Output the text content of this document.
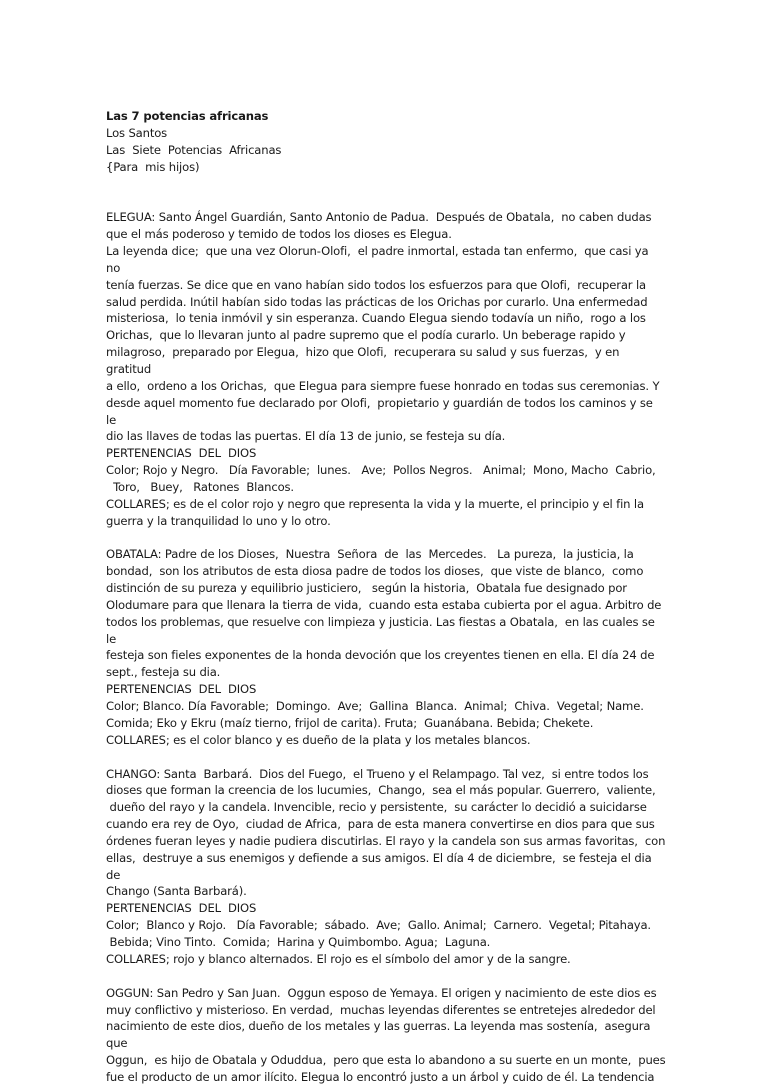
Las 7 potencias africanas

Los Santos

Las  Siete  Potencias  Africanas

{Para  mis hijos)

ELEGUA: Santo Ángel Guardián, Santo Antonio de Padua.  Después de Obatala,  no caben dudas

que el más poderoso y temido de todos los dioses es Elegua.

La leyenda dice;  que una vez Olorun-Olofi,  el padre inmortal, estada tan enfermo,  que casi ya no

tenía fuerzas. Se dice que en vano habían sido todos los esfuerzos para que Olofi,  recuperar la

salud perdida. Inútil habían sido todas las prácticas de los Orichas por curarlo. Una enfermedad

misteriosa,  lo tenia inmóvil y sin esperanza. Cuando Elegua siendo todavía un niño,  rogo a los

Orichas,  que lo llevaran junto al padre supremo que el podía curarlo. Un beberage rapido y

milagroso,  preparado por Elegua,  hizo que Olofi,  recuperara su salud y sus fuerzas,  y en gratitud

a ello,  ordeno a los Orichas,  que Elegua para siempre fuese honrado en todas sus ceremonias. Y

desde aquel momento fue declarado por Olofi,  propietario y guardián de todos los caminos y se le

dio las llaves de todas las puertas. El día 13 de junio, se festeja su día.

PERTENENCIAS  DEL  DIOS

Color; Rojo y Negro.   Día Favorable;  lunes.   Ave;  Pollos Negros.   Animal;  Mono, Macho  Cabrio,

Toro,   Buey,   Ratones  Blancos.

COLLARES; es de el color rojo y negro que representa la vida y la muerte, el principio y el fin la

guerra y la tranquilidad lo uno y lo otro.

OBATALA: Padre de los Dioses,  Nuestra  Señora  de  las  Mercedes.   La pureza,  la justicia, la

bondad,  son los atributos de esta diosa padre de todos los dioses,  que viste de blanco,  como

distinción de su pureza y equilibrio justiciero,   según la historia,  Obatala fue designado por

Olodumare para que llenara la tierra de vida,  cuando esta estaba cubierta por el agua. Arbitro de

todos los problemas, que resuelve con limpieza y justicia. Las fiestas a Obatala,  en las cuales se le

festeja son fieles exponentes de la honda devoción que los creyentes tienen en ella. El día 24 de

sept., festeja su dia.

PERTENENCIAS  DEL  DIOS

Color; Blanco. Día Favorable;  Domingo.  Ave;  Gallina  Blanca.  Animal;  Chiva.  Vegetal; Name.

Comida; Eko y Ekru (maíz tierno, frijol de carita). Fruta;  Guanábana. Bebida; Chekete.

COLLARES; es el color blanco y es dueño de la plata y los metales blancos.

CHANGO: Santa  Barbará.  Dios del Fuego,  el Trueno y el Relampago. Tal vez,  si entre todos los

dioses que forman la creencia de los lucumies,  Chango,  sea el más popular. Guerrero,  valiente,

dueño del rayo y la candela. Invencible, recio y persistente,  su carácter lo decidió a suicidarse

cuando era rey de Oyo,  ciudad de Africa,  para de esta manera convertirse en dios para que sus

órdenes fueran leyes y nadie pudiera discutirlas. El rayo y la candela son sus armas favoritas,  con

ellas,  destruye a sus enemigos y defiende a sus amigos. El día 4 de diciembre,  se festeja el dia de

Chango (Santa Barbará).

PERTENENCIAS  DEL  DIOS

Color;  Blanco y Rojo.   Día Favorable;  sábado.  Ave;  Gallo. Animal;  Carnero.  Vegetal; Pitahaya.

Bebida; Vino Tinto.  Comida;  Harina y Quimbombo. Agua;  Laguna.

COLLARES; rojo y blanco alternados. El rojo es el símbolo del amor y de la sangre.

OGGUN: San Pedro y San Juan.  Oggun esposo de Yemaya. El origen y nacimiento de este dios es

muy conflictivo y misterioso. En verdad,  muchas leyendas diferentes se entretejes alrededor del

nacimiento de este dios, dueño de los metales y las guerras. La leyenda mas sostenía,  asegura que

Oggun,  es hijo de Obatala y Oduddua,  pero que esta lo abandono a su suerte en un monte,  pues

fue el producto de un amor ilícito. Elegua lo encontró justo a un árbol y cuido de él. La tendencia
